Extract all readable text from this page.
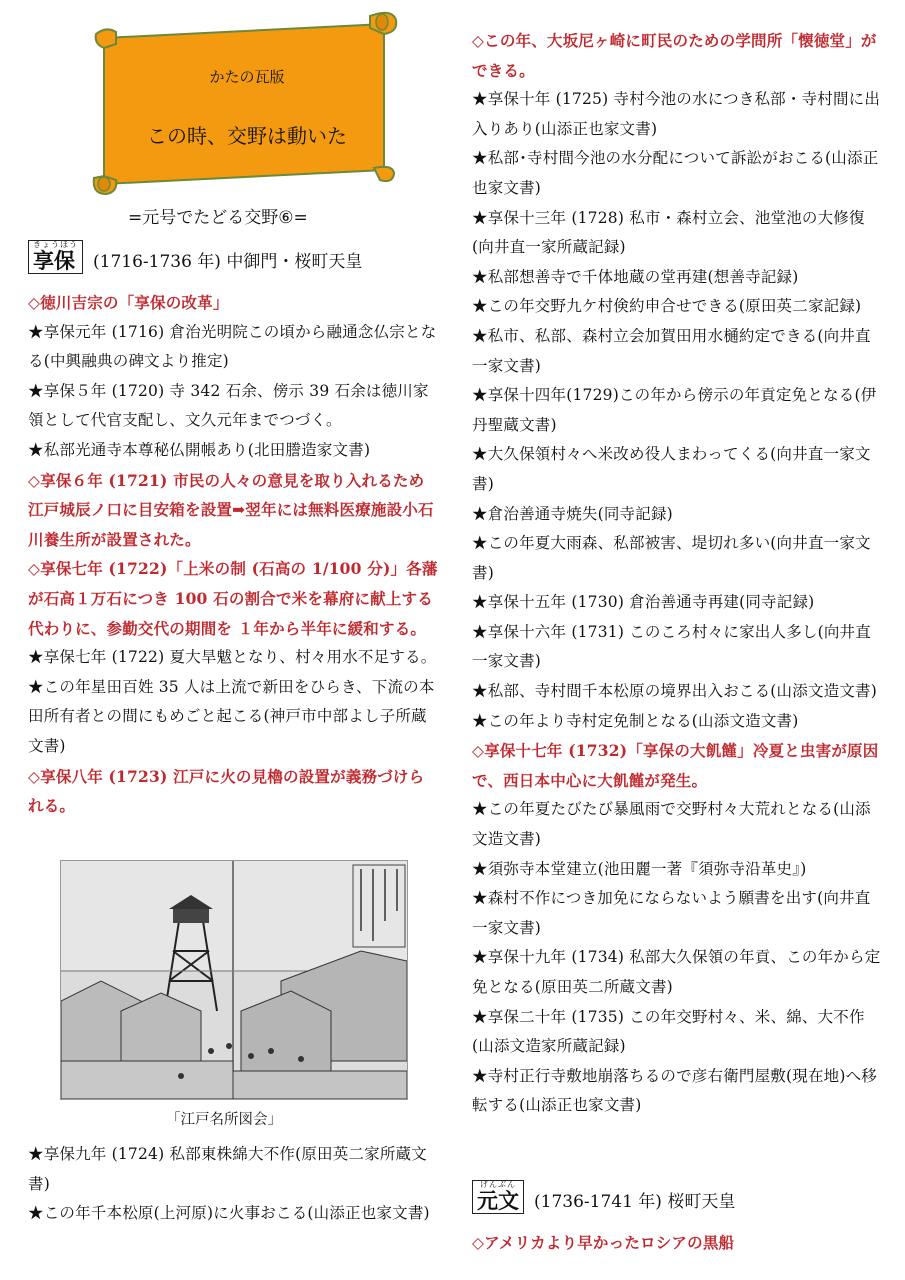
かたの瓦版
この時、交野は動いた
=元号でたどる交野⑥=
きょうほう
享保	(1716-1736 年) 中御門・桜町天皇

◇徳川吉宗の「享保の改革」

★享保元年 (1716) 倉治光明院この頃から融通念仏宗となる(中興融典の碑文より推定)

★享保５年 (1720) 寺 342 石余、傍示 39 石余は徳川家領として代官支配し、文久元年までつづく。

★私部光通寺本尊秘仏開帳あり(北田謄造家文書)

◇享保６年 (1721) 市民の人々の意見を取り入れるため江戸城辰ノ口に目安箱を設置➡翌年には無料医療施設小石川養生所が設置された。

◇享保七年 (1722)「上米の制 (石高の 1/100 分)」各藩が石高１万石につき 100 石の割合で米を幕府に献上する代わりに、参勤交代の期間を １年から半年に緩和する。

★享保七年 (1722) 夏大旱魃となり、村々用水不足する。

★この年星田百姓 35 人は上流で新田をひらき、下流の本田所有者との間にもめごと起こる(神戸市中部よし子所蔵文書)

◇享保八年 (1723) 江戸に火の見櫓の設置が義務づけられる。

「江戸名所図会」

★享保九年 (1724) 私部東株綿大不作(原田英二家所蔵文書)

★この年千本松原(上河原)に火事おこる(山添正也家文書)

◇この年、大坂尼ヶ崎に町民のための学問所「懐徳堂」ができる。

★享保十年 (1725) 寺村今池の水につき私部・寺村間に出入りあり(山添正也家文書)

★私部･寺村間今池の水分配について訴訟がおこる(山添正也家文書)

★享保十三年 (1728) 私市・森村立会、池堂池の大修復(向井直一家所蔵記録)

★私部想善寺で千体地蔵の堂再建(想善寺記録)

★この年交野九ケ村倹約申合せできる(原田英二家記録)

★私市、私部、森村立会加賀田用水樋約定できる(向井直一家文書)

★享保十四年(1729)この年から傍示の年貢定免となる(伊丹聖蔵文書)

★大久保領村々へ米改め役人まわってくる(向井直一家文書)

★倉治善通寺焼失(同寺記録)

★この年夏大雨森、私部被害、堤切れ多い(向井直一家文書)

★享保十五年 (1730) 倉治善通寺再建(同寺記録)

★享保十六年 (1731) このころ村々に家出人多し(向井直一家文書)

★私部、寺村間千本松原の境界出入おこる(山添文造文書)

★この年より寺村定免制となる(山添文造文書)

◇享保十七年 (1732)「享保の大飢饉」冷夏と虫害が原因で、西日本中心に大飢饉が発生。

★この年夏たびたび暴風雨で交野村々大荒れとなる(山添文造文書)

★須弥寺本堂建立(池田麗一著『須弥寺沿革史』)

★森村不作につき加免にならないよう願書を出す(向井直一家文書)

★享保十九年 (1734) 私部大久保領の年貢、この年から定免となる(原田英二所蔵文書)

★享保二十年 (1735) この年交野村々、米、綿、大不作(山添文造家所蔵記録)

★寺村正行寺敷地崩落ちるので彦右衛門屋敷(現在地)へ移転する(山添正也家文書)

げんぶん
元文 (1736-1741 年) 桜町天皇

◇アメリカより早かったロシアの黒船
